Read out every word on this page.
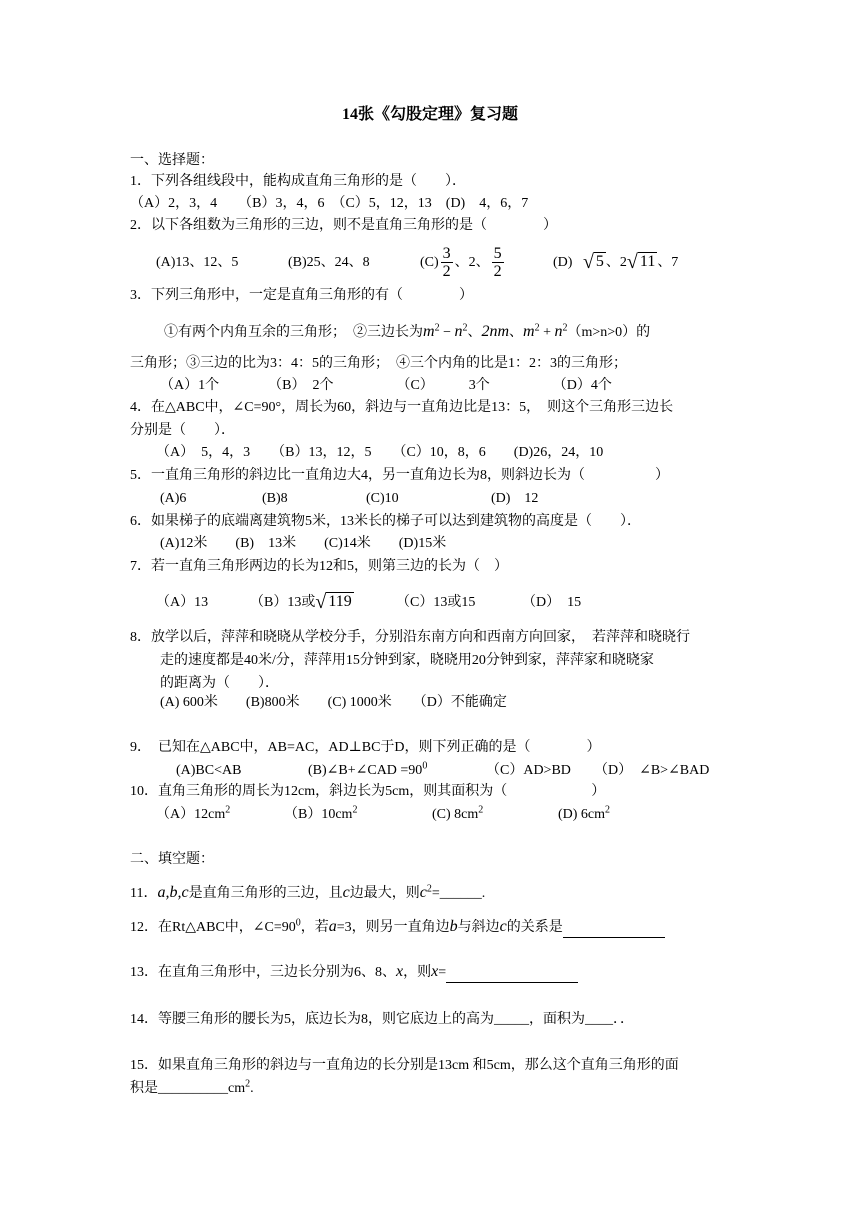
14张《勾股定理》复习题
一、选择题：
1．下列各组线段中，能构成直角三角形的是（　　）．
（A）2，3，4　　（B）3，4，6　（C）5，12，13　(D)　4，6，7
2．以下各组数为三角形的三边，则不是直角三角形的是（　　　　）
(A)13、12、5	(B)25、24、8	$(C) \frac{3}{2}$ 、2、 $\frac{5}{2}$	(D) √ 5 、2√ 11 、7
3．下列三角形中，一定是直角三角形的有（　　　　）
①有两个内角互余的三角形；　②三边长为$m^2 - n^2$、2nm、$m^2 + n^2(m>n>0)$的
三角形；③三边的比为3：4：5的三角形；　④三个内角的比是1：2：3的三角形；
（A）1个　　　　（B）　2个　　　　　（C）　　　3个　　　　　（D）4个
4．在△ABC中，∠C=90°，周长为60，斜边与一直角边比是13：5，　则这个三角形三边长
分别是（　　）．
（A）　5，4，3　　（B）13，12，5　　（C）10，8，6　　(D)26，24，10
5．一直角三角形的斜边比一直角边大4，另一直角边长为8，则斜边长为（　　　　　）
(A)6	(B)8	(C)10	(D)　12
6．如果梯子的底端离建筑物5米，13米长的梯子可以达到建筑物的高度是（　　）．
(A)12米　　(B)　13米　　(C)14米　　(D)15米
7．若一直角三角形两边的长为12和5，则第三边的长为（　）
（A）13	（B）13或√ 119	（C）13或15	（D）　15
8．放学以后，萍萍和晓晓从学校分手，分别沿东南方向和西南方向回家，　若萍萍和晓晓行
走的速度都是40米/分，萍萍用15分钟到家，晓晓用20分钟到家，萍萍家和晓晓家
的距离为（　　）．
(A) 600米　　(B)800米　　(C) 1000米　　（D）不能确定
9．　已知在△ABC中，AB=AC，AD⊥BC于D，则下列正确的是（　　　　）
(A)BC<AB	(B)∠B+∠CAD $=90^0$	（C）AD>BD （D）　∠B>∠BAD
10．直角三角形的周长为12cm，斜边长为5cm，则其面积为（　　　　　　）
$(A)12cm^2$	$(B)10cm^2$	(C) $8cm^2$	(D) $6cm^2$
二、填空题：
11．a,b,c是直角三角形的三边，且c边最大，则$c^2=\_\_\_\_\_\_$.
12．在Rt△ABC中，$\angle C=90^0$，若a=3，则另一直角边b与斜边c的关系是
13．在直角三角形中，三边长分别为6、8、x，则x=
14．等腰三角形的腰长为5，底边长为8，则它底边上的高为_____，面积为____．．
15．如果直角三角形的斜边与一直角边的长分别是13cm 和5cm，那么这个直角三角形的面
积是$\_\_\_\_\_\_\_\_\_\_cm^2$.
